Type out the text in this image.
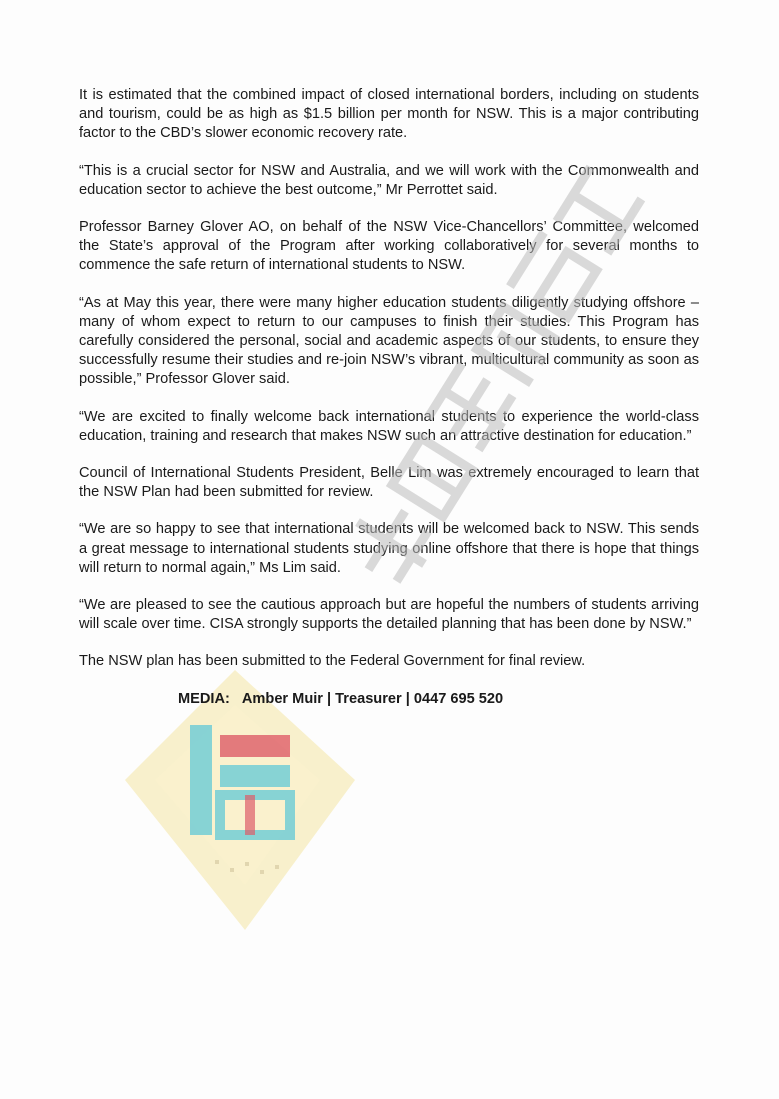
It is estimated that the combined impact of closed international borders, including on students and tourism, could be as high as $1.5 billion per month for NSW. This is a major contributing factor to the CBD’s slower economic recovery rate.

“This is a crucial sector for NSW and Australia, and we will work with the Commonwealth and education sector to achieve the best outcome,” Mr Perrottet said.

Professor Barney Glover AO, on behalf of the NSW Vice-Chancellors’ Committee, welcomed the State’s approval of the Program after working collaboratively for several months to commence the safe return of international students to NSW.

“As at May this year, there were many higher education students diligently studying offshore – many of whom expect to return to our campuses to finish their studies. This Program has carefully considered the personal, social and academic aspects of our students, to ensure they successfully resume their studies and re-join NSW’s vibrant, multicultural community as soon as possible,” Professor Glover said.

“We are excited to finally welcome back international students to experience the world-class education, training and research that makes NSW such an attractive destination for education.”

Council of International Students President, Belle Lim was extremely encouraged to learn that the NSW Plan had been submitted for review.

“We are so happy to see that international students will be welcomed back to NSW. This sends a great message to international students studying online offshore that there is hope that things will return to normal again,” Ms Lim said.

“We are pleased to see the cautious approach but are hopeful the numbers of students arriving will scale over time. CISA strongly supports the detailed planning that has been done by NSW.”

The NSW plan has been submitted to the Federal Government for final review.

MEDIA: Amber Muir | Treasurer | 0447 695 520
